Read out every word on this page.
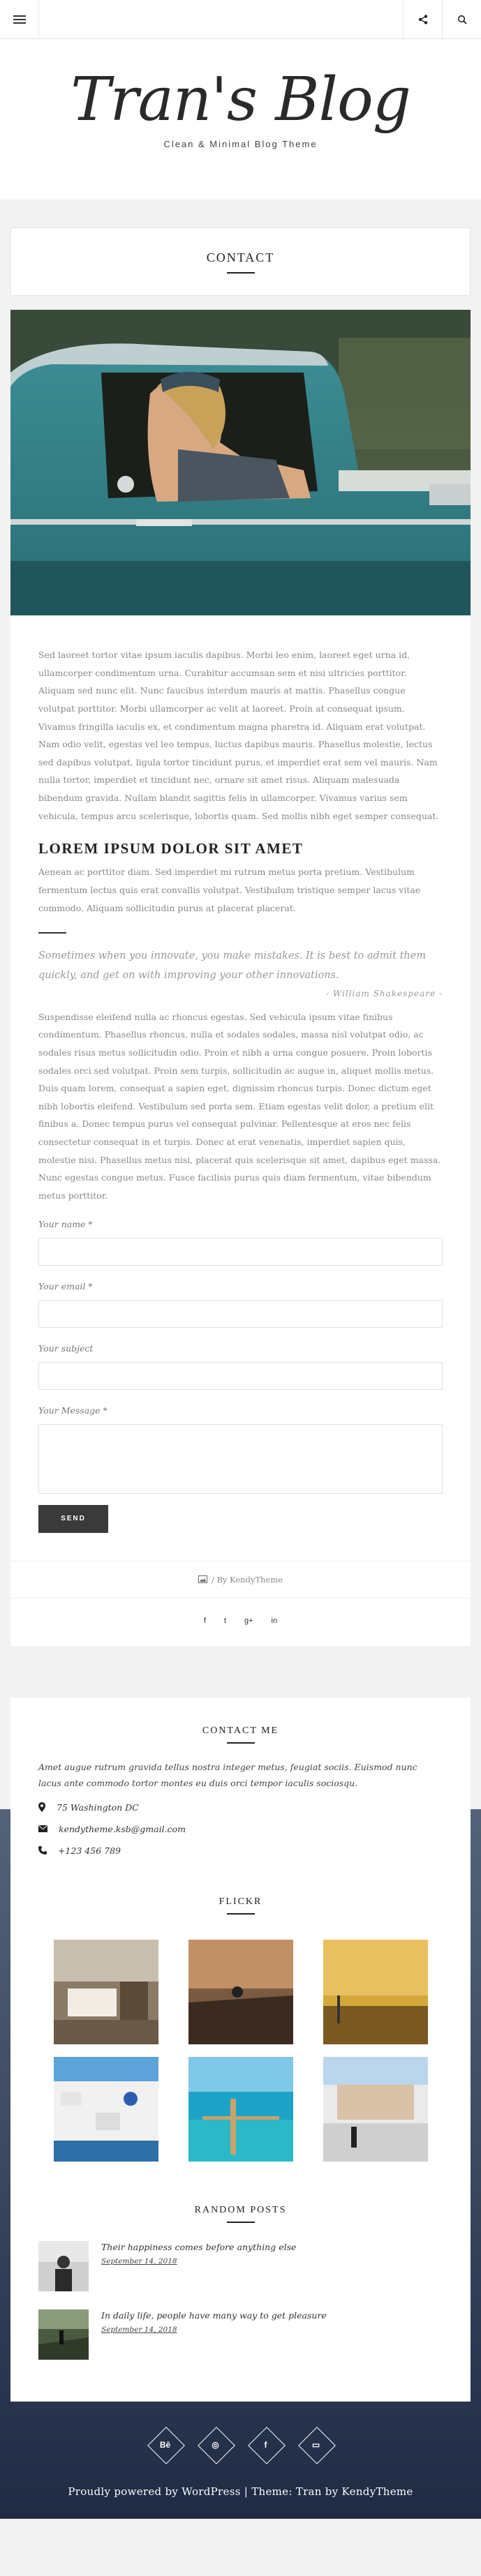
Tran's Blog
Clean & Minimal Blog Theme
CONTACT

Sed laoreet tortor vitae ipsum iaculis dapibus. Morbi leo enim, laoreet eget urna id, ullamcorper condimentum urna. Curabitur accumsan sem et nisi ultricies porttitor. Aliquam sed nunc elit. Nunc faucibus interdum mauris at mattis. Phasellus congue volutpat porttitor. Morbi ullamcorper ac velit at laoreet. Proin at consequat ipsum. Vivamus fringilla iaculis ex, et condimentum magna pharetra id. Aliquam erat volutpat. Nam odio velit, egestas vel leo tempus, luctus dapibus mauris. Phasellus molestie, lectus sed dapibus volutpat, ligula tortor tincidunt purus, et imperdiet erat sem vel mauris. Nam nulla tortor, imperdiet et tincidunt nec, ornare sit amet risus. Aliquam malesuada bibendum gravida. Nullam blandit sagittis felis in ullamcorper. Vivamus varius sem vehicula, tempus arcu scelerisque, lobortis quam. Sed mollis nibh eget semper consequat.

LOREM IPSUM DOLOR SIT AMET

Aenean ac porttitor diam. Sed imperdiet mi rutrum metus porta pretium. Vestibulum fermentum lectus quis erat convallis volutpat. Vestibulum tristique semper lacus vitae commodo. Aliquam sollicitudin purus at placerat placerat.

Sometimes when you innovate, you make mistakes. It is best to admit them quickly, and get on with improving your other innovations.
- William Shakespeare -

Suspendisse eleifend nulla ac rhoncus egestas. Sed vehicula ipsum vitae finibus condimentum. Phasellus rhoncus, nulla et sodales sodales, massa nisl volutpat odio, ac sodales risus metus sollicitudin odio. Proin et nibh a urna congue posuere. Proin lobortis sodales orci sed volutpat. Proin sem turpis, sollicitudin ac augue in, aliquet mollis metus. Duis quam lorem, consequat a sapien eget, dignissim rhoncus turpis. Donec dictum eget nibh lobortis eleifend. Vestibulum sed porta sem. Etiam egestas velit dolor, a pretium elit finibus a. Donec tempus purus vel consequat pulvinar. Pellentesque at eros nec felis consectetur consequat in et turpis. Donec at erat venenatis, imperdiet sapien quis, molestie nisi. Phasellus metus nisi, placerat quis scelerisque sit amet, dapibus eget massa. Nunc egestas congue metus. Fusce facilisis purus quis diam fermentum, vitae bibendum metus porttitor.

Your name *
Your email *
Your subject
Your Message *
SEND
/ By KendyTheme
f t g+ in
CONTACT ME

Amet augue rutrum gravida tellus nostra integer metus, feugiat sociis. Euismod nunc lacus ante commodo tortor montes eu duis orci tempor iaculis sociosqu.

75 Washington DC
kendytheme.ksb@gmail.com
+123 456 789
FLICKR
RANDOM POSTS
Their happiness comes before anything else
September 14, 2018
In daily life, people have many way to get pleasure
September 14, 2018
Bē	◎	f	▭
Proudly powered by WordPress | Theme: Tran by KendyTheme
